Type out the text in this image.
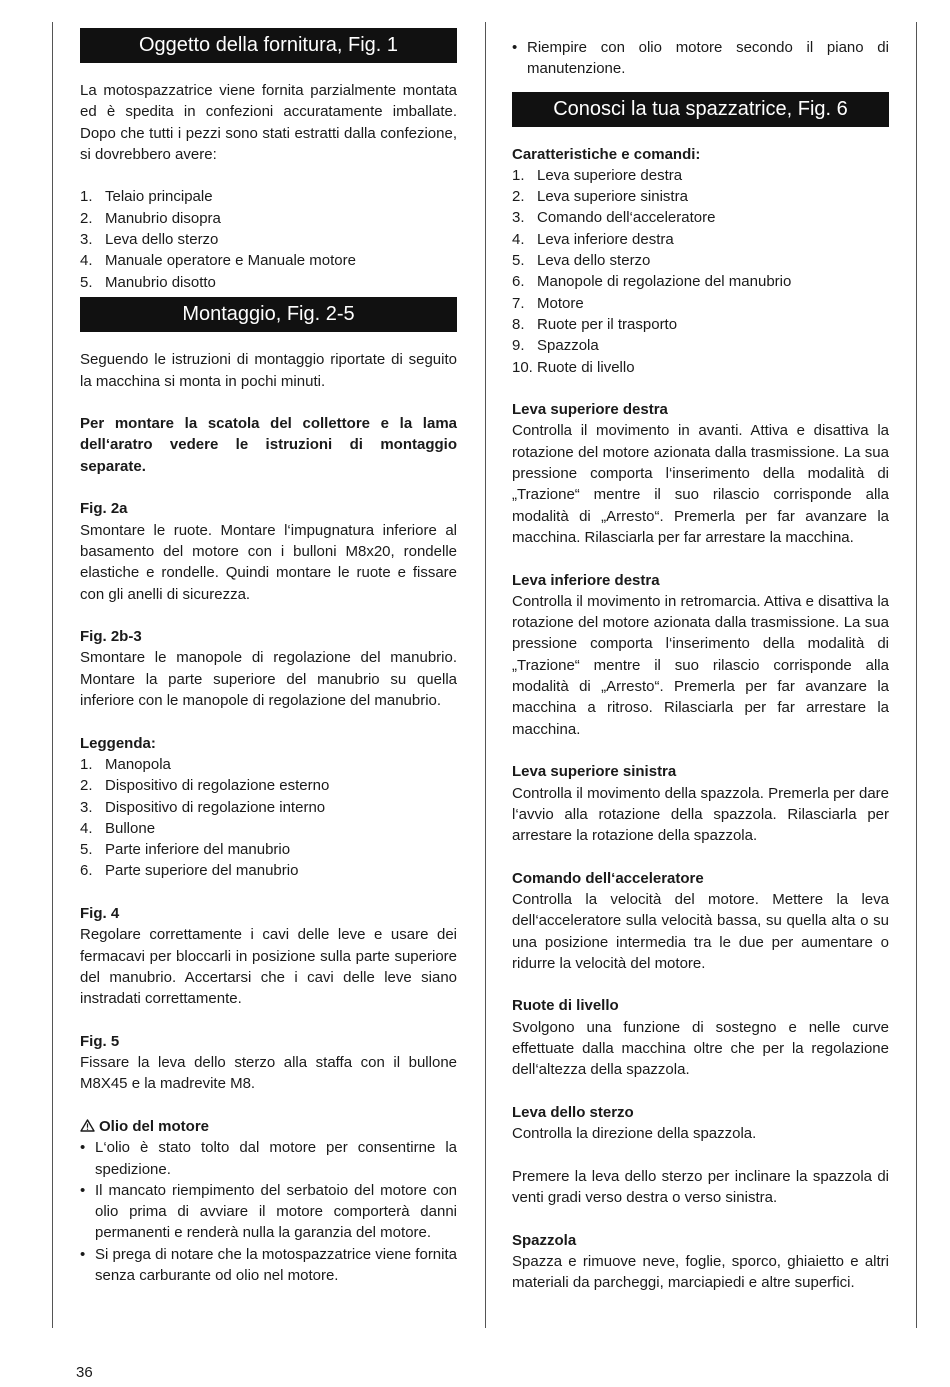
Oggetto della fornitura, Fig. 1

La motospazzatrice viene fornita parzialmente montata ed è spedita in confezioni accuratamente imballate. Dopo che tutti i pezzi sono stati estratti dalla confezione, si dovrebbero avere:

1. Telaio principale
2. Manubrio disopra
3. Leva dello sterzo
4. Manuale operatore e Manuale motore
5. Manubrio disotto
Montaggio, Fig. 2-5

Seguendo le istruzioni di montaggio riportate di seguito la macchina si monta in pochi minuti.

Per montare la scatola del collettore e la lama dell‘aratro vedere le istruzioni di montaggio separate.

Fig. 2a

Smontare le ruote. Montare l‘impugnatura inferiore al basamento del motore con i bulloni M8x20, rondelle elastiche e rondelle. Quindi montare le ruote e fissare con gli anelli di sicurezza.

Fig. 2b-3

Smontare le manopole di regolazione del manubrio. Montare la parte superiore del manubrio su quella inferiore con le manopole di regolazione del manubrio.

Leggenda:
1. Manopola
2. Dispositivo di regolazione esterno
3. Dispositivo di regolazione interno
4. Bullone
5. Parte inferiore del manubrio
6. Parte superiore del manubrio
Fig. 4

Regolare correttamente i cavi delle leve e usare dei fermacavi per bloccarli in posizione sulla parte superiore del manubrio. Accertarsi che i cavi delle leve siano instradati correttamente.

Fig. 5

Fissare la leva dello sterzo alla staffa con il bullone M8X45 e la madrevite M8.

Olio del motore
• L‘olio è stato tolto dal motore per consentirne la spedizione.
• Il mancato riempimento del serbatoio del motore con olio prima di avviare il motore comporterà danni permanenti e renderà nulla la garanzia del motore.
• Si prega di notare che la motospazzatrice viene fornita senza carburante od olio nel motore.
• Riempire con olio motore secondo il piano di manutenzione.
Conosci la tua spazzatrice, Fig. 6
Caratteristiche e comandi:
1. Leva superiore destra
2. Leva superiore sinistra
3. Comando dell‘acceleratore
4. Leva inferiore destra
5. Leva dello sterzo
6. Manopole di regolazione del manubrio
7. Motore
8. Ruote per il trasporto
9. Spazzola
10. Ruote di livello
Leva superiore destra

Controlla il movimento in avanti. Attiva e disattiva la rotazione del motore azionata dalla trasmissione. La sua pressione comporta l‘inserimento della modalità di „Trazione“ mentre il suo rilascio corrisponde alla modalità di „Arresto“. Premerla per far avanzare la macchina. Rilasciarla per far arrestare la macchina.

Leva inferiore destra

Controlla il movimento in retromarcia. Attiva e disattiva la rotazione del motore azionata dalla trasmissione. La sua pressione comporta l‘inserimento della modalità di „Trazione“ mentre il suo rilascio corrisponde alla modalità di „Arresto“. Premerla per far avanzare la macchina a ritroso. Rilasciarla per far arrestare la macchina.

Leva superiore sinistra

Controlla il movimento della spazzola. Premerla per dare l‘avvio alla rotazione della spazzola. Rilasciarla per arrestare la rotazione della spazzola.

Comando dell‘acceleratore

Controlla la velocità del motore. Mettere la leva dell‘acceleratore sulla velocità bassa, su quella alta o su una posizione intermedia tra le due per aumentare o ridurre la velocità del motore.

Ruote di livello

Svolgono una funzione di sostegno e nelle curve effettuate dalla macchina oltre che per la regolazione dell‘altezza della spazzola.

Leva dello sterzo

Controlla la direzione della spazzola.

Premere la leva dello sterzo per inclinare la spazzola di venti gradi verso destra o verso sinistra.

Spazzola

Spazza e rimuove neve, foglie, sporco, ghiaietto e altri materiali da parcheggi, marciapiedi e altre superfici.

36
